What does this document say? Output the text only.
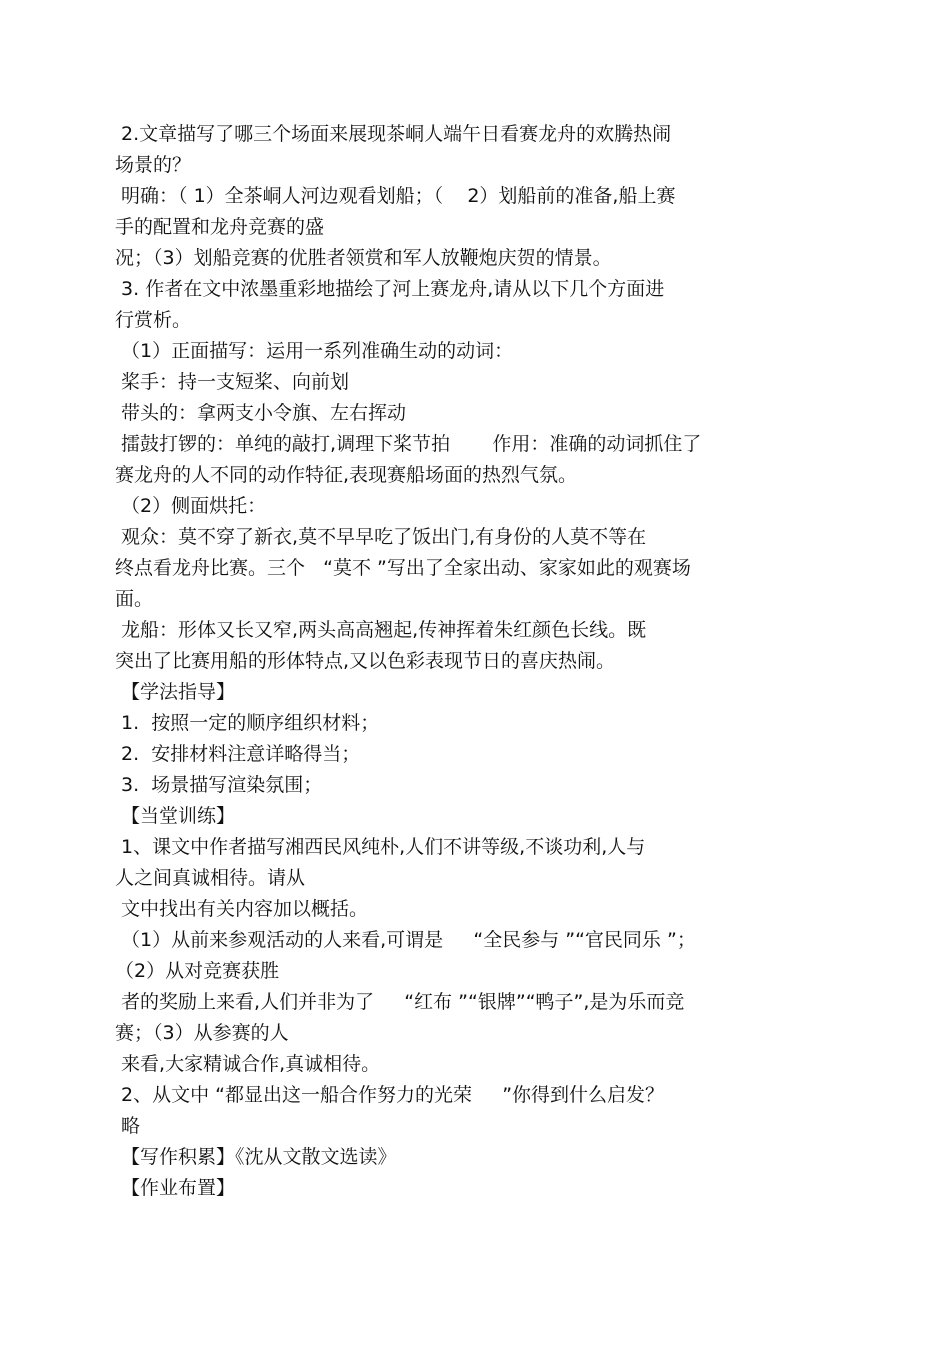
2.文章描写了哪三个场面来展现茶峒人端午日看赛龙舟的欢腾热闹
场景的？
明确：（ 1）全茶峒人河边观看划船；（    2）划船前的准备,船上赛
手的配置和龙舟竞赛的盛
况；（3）划船竞赛的优胜者领赏和军人放鞭炮庆贺的情景。
3. 作者在文中浓墨重彩地描绘了河上赛龙舟,请从以下几个方面进
行赏析。
（1）正面描写：运用一系列准确生动的动词：
桨手：持一支短桨、向前划
带头的：拿两支小令旗、左右挥动
擂鼓打锣的：单纯的敲打,调理下桨节拍       作用：准确的动词抓住了
赛龙舟的人不同的动作特征,表现赛船场面的热烈气氛。
（2）侧面烘托：
观众：莫不穿了新衣,莫不早早吃了饭出门,有身份的人莫不等在
终点看龙舟比赛。三个   “莫不 ”写出了全家出动、家家如此的观赛场
面。
龙船：形体又长又窄,两头高高翘起,传神挥着朱红颜色长线。既
突出了比赛用船的形体特点,又以色彩表现节日的喜庆热闹。
【学法指导】
1.  按照一定的顺序组织材料；
2.  安排材料注意详略得当；
3.  场景描写渲染氛围；
【当堂训练】
1、课文中作者描写湘西民风纯朴,人们不讲等级,不谈功利,人与
人之间真诚相待。请从
文中找出有关内容加以概括。
（1）从前来参观活动的人来看,可谓是     “全民参与 ”“官民同乐 ”；
（2）从对竞赛获胜
者的奖励上来看,人们并非为了     “红布 ”“银牌”“鸭子”,是为乐而竞
赛；（3）从参赛的人
来看,大家精诚合作,真诚相待。
2、从文中 “都显出这一船合作努力的光荣     ”你得到什么启发？
略
【写作积累】《沈从文散文选读》
【作业布置】
